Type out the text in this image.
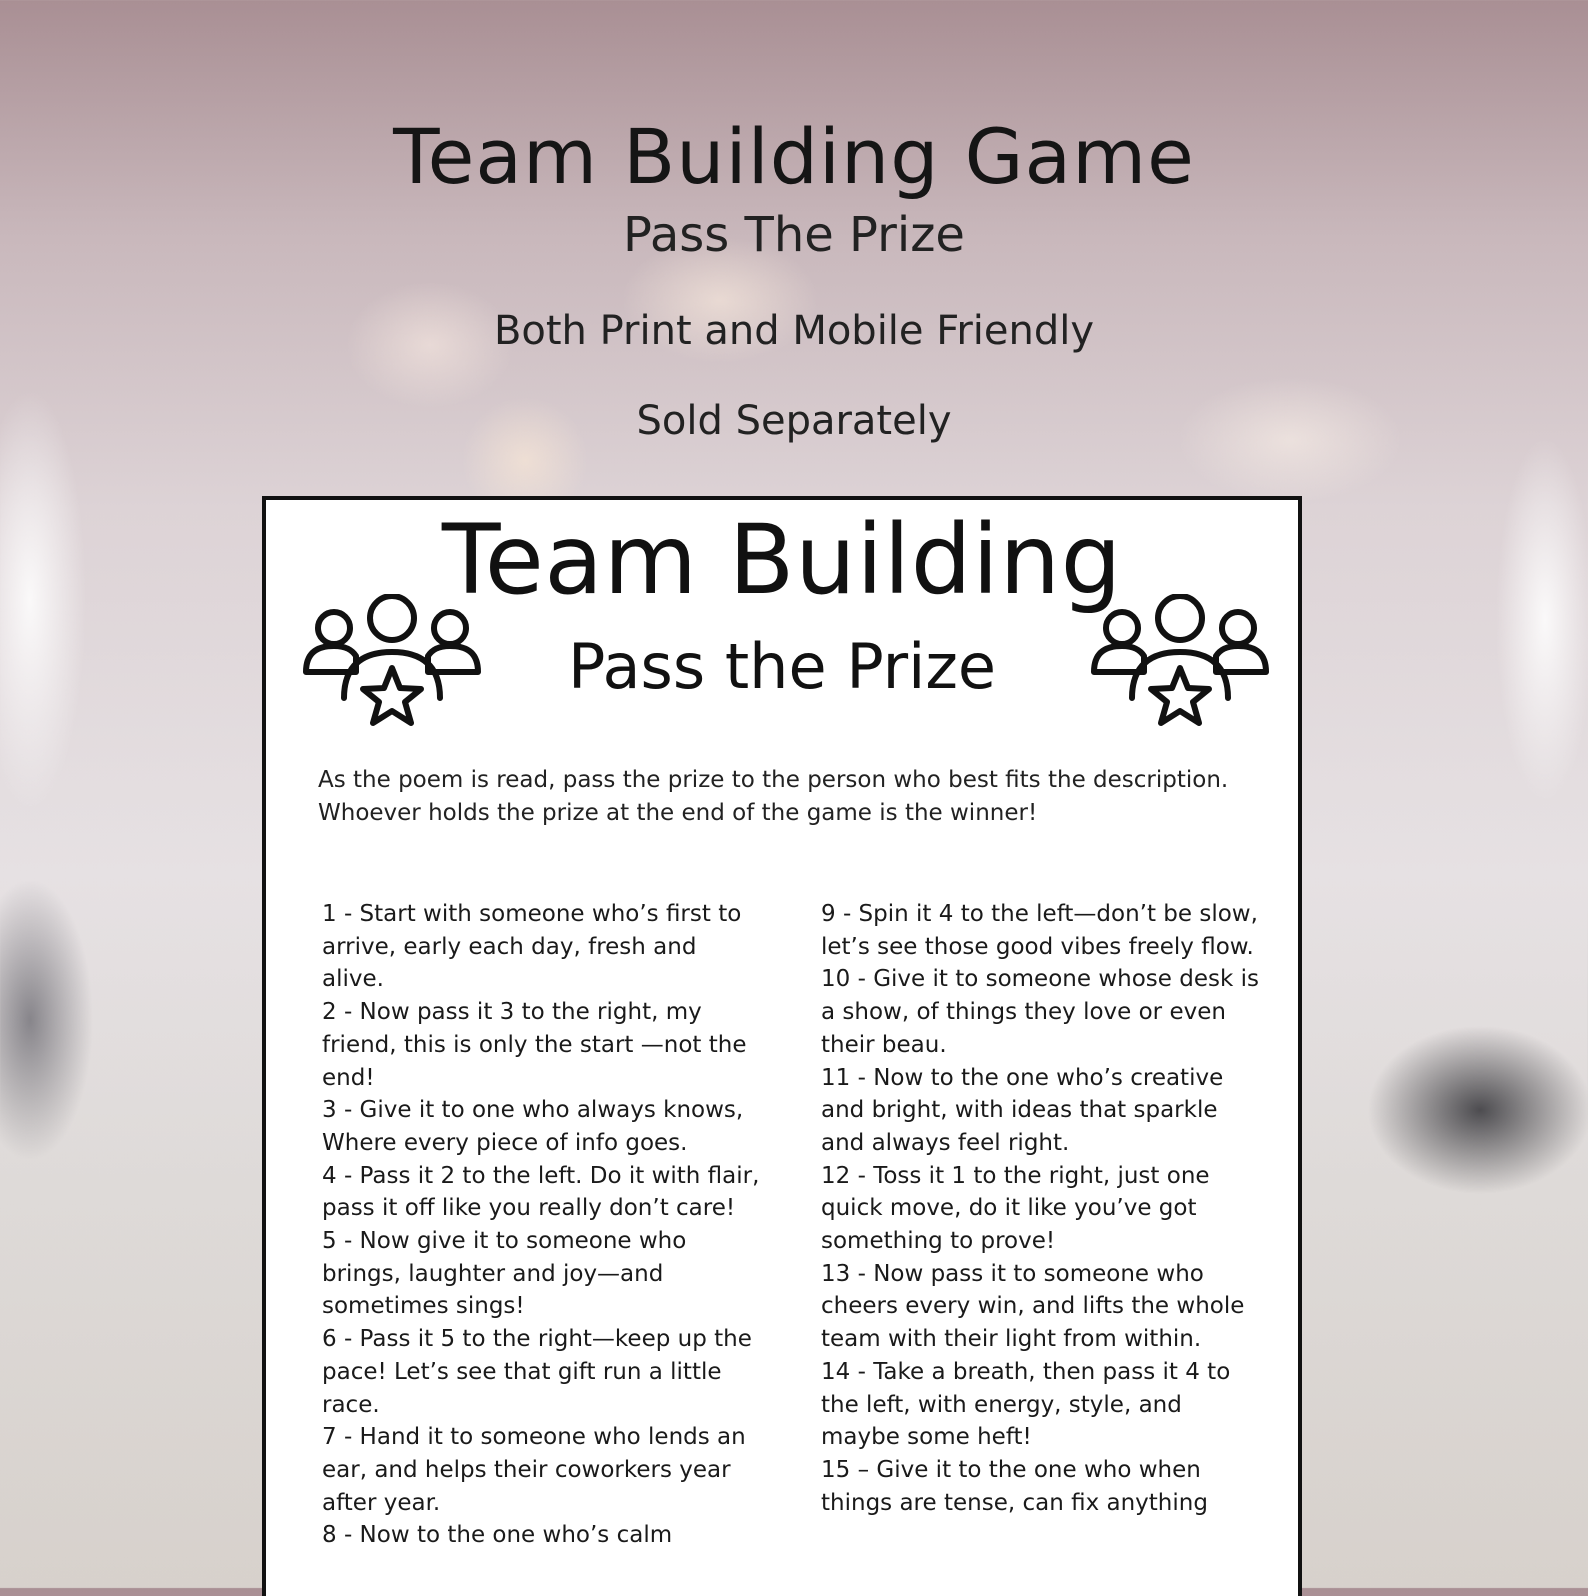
Team Building Game
Pass The Prize
Both Print and Mobile Friendly
Sold Separately
Team Building
Pass the Prize
As the poem is read, pass the prize to the person who best fits the description. Whoever holds the prize at the end of the game is the winner!

1 - Start with someone who’s first to arrive, early each day, fresh and alive.

2 - Now pass it 3 to the right, my friend, this is only the start —not the end!

3 - Give it to one who always knows, Where every piece of info goes.

4 - Pass it 2 to the left. Do it with flair, pass it off like you really don’t care!

5 - Now give it to someone who brings, laughter and joy—and sometimes sings!

6 - Pass it 5 to the right—keep up the pace! Let’s see that gift run a little race.

7 - Hand it to someone who lends an ear, and helps their coworkers year after year.

8 - Now to the one who’s calm

9 - Spin it 4 to the left—don’t be slow, let’s see those good vibes freely flow.

10 - Give it to someone whose desk is a show, of things they love or even their beau.

11 - Now to the one who’s creative and bright, with ideas that sparkle and always feel right.

12 - Toss it 1 to the right, just one quick move, do it like you’ve got something to prove!

13 - Now pass it to someone who cheers every win, and lifts the whole team with their light from within.

14 - Take a breath, then pass it 4 to the left, with energy, style, and maybe some heft!

15 – Give it to the one who when things are tense, can fix anything
